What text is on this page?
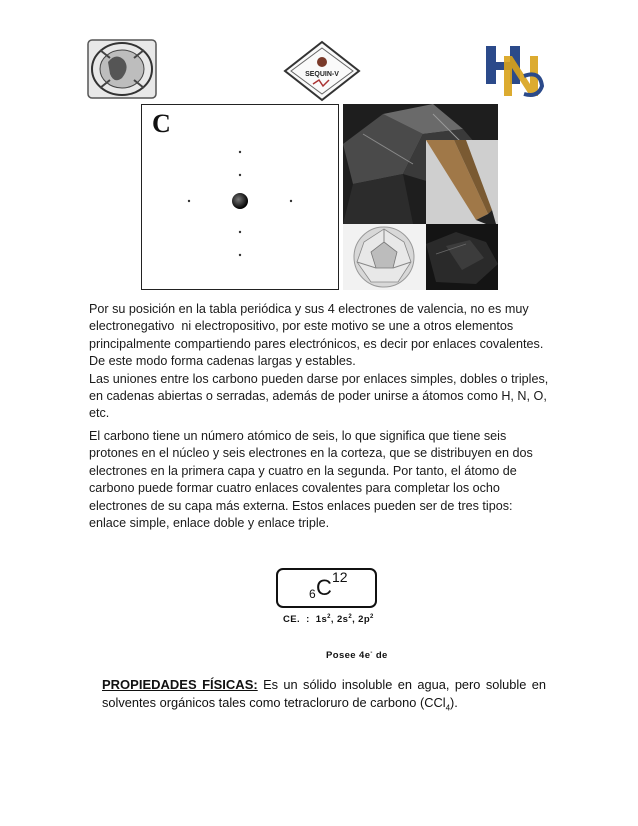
SEQUIN-V
C
Por su posición en la tabla periódica y sus 4 electrones de valencia, no es muy
electronegativo  ni electropositivo, por este motivo se une a otros elementos
principalmente compartiendo pares electrónicos, es decir por enlaces covalentes.
De este modo forma cadenas largas y estables.
Las uniones entre los carbono pueden darse por enlaces simples, dobles o triples,
en cadenas abiertas o serradas, además de poder unirse a átomos como H, N, O,
etc.
El carbono tiene un número atómico de seis, lo que significa que tiene seis
protones en el núcleo y seis electrones en la corteza, que se distribuyen en dos
electrones en la primera capa y cuatro en la segunda. Por tanto, el átomo de
carbono puede formar cuatro enlaces covalentes para completar los ocho
electrones de su capa más externa. Estos enlaces pueden ser de tres tipos:
enlace simple, enlace doble y enlace triple.
6 C 12
CE.  :  $1s^2$, $2s^2$, $2p^2$
Posee 4e- de
PROPIEDADES FÍSICAS: Es un sólido insoluble en agua, pero soluble en solventes orgánicos tales como tetracloruro de carbono (CCl$_4$).
